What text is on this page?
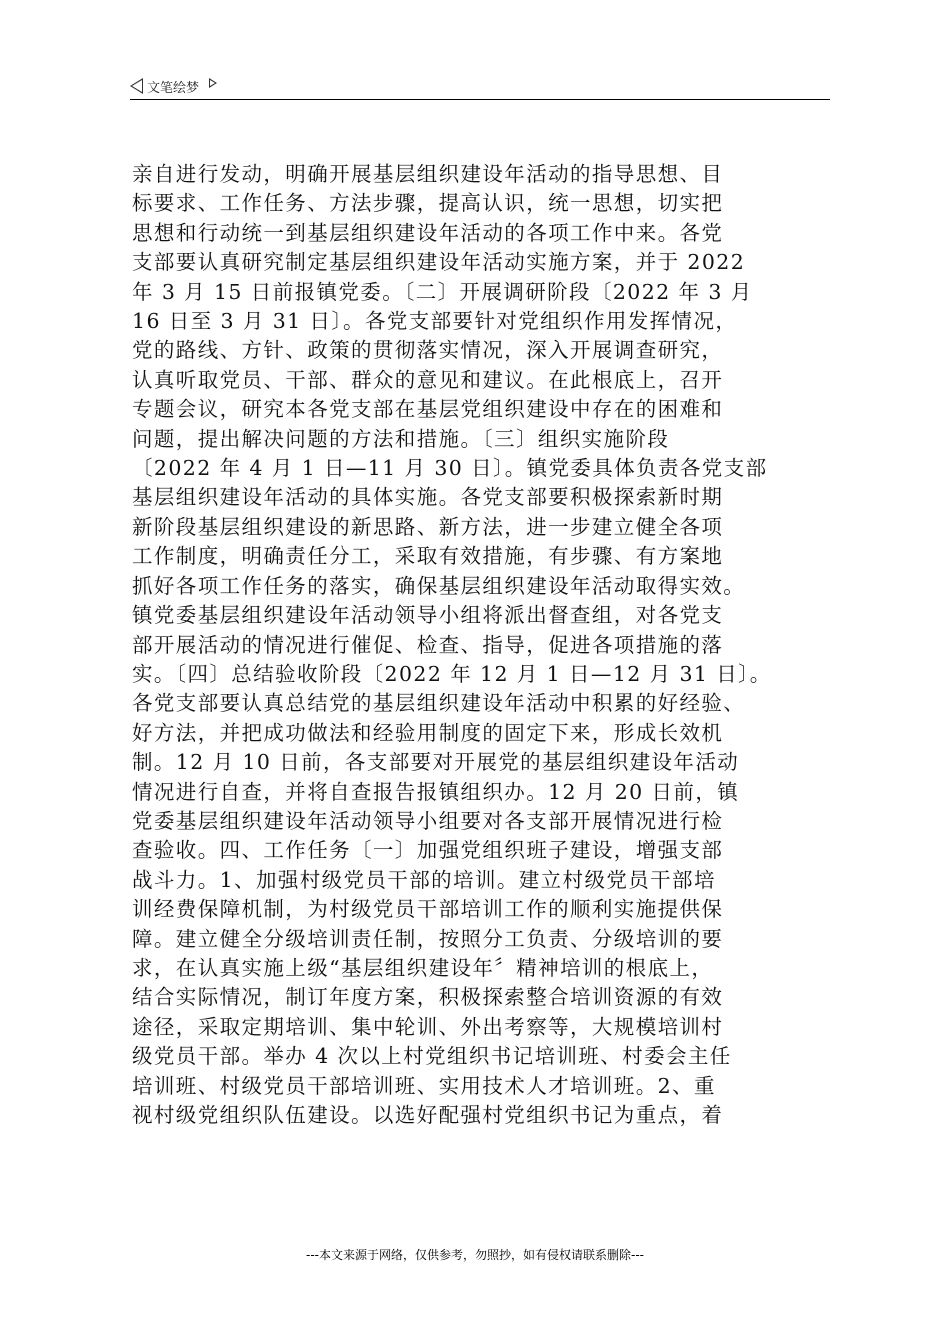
文笔绘梦
亲自进行发动，明确开展基层组织建设年活动的指导思想、目
标要求、工作任务、方法步骤，提高认识，统一思想，切实把
思想和行动统一到基层组织建设年活动的各项工作中来。各党
支部要认真研究制定基层组织建设年活动实施方案，并于 2022
年 3 月 15 日前报镇党委。〔二〕开展调研阶段〔2022 年 3 月
16 日至 3 月 31 日〕。各党支部要针对党组织作用发挥情况，
党的路线、方针、政策的贯彻落实情况，深入开展调查研究，
认真听取党员、干部、群众的意见和建议。在此根底上，召开
专题会议，研究本各党支部在基层党组织建设中存在的困难和
问题，提出解决问题的方法和措施。〔三〕组织实施阶段
〔2022 年 4 月 1 日—11 月 30 日〕。镇党委具体负责各党支部
基层组织建设年活动的具体实施。各党支部要积极探索新时期
新阶段基层组织建设的新思路、新方法，进一步建立健全各项
工作制度，明确责任分工，采取有效措施，有步骤、有方案地
抓好各项工作任务的落实，确保基层组织建设年活动取得实效。
镇党委基层组织建设年活动领导小组将派出督查组，对各党支
部开展活动的情况进行催促、检查、指导，促进各项措施的落
实。〔四〕总结验收阶段〔2022 年 12 月 1 日—12 月 31 日〕。
各党支部要认真总结党的基层组织建设年活动中积累的好经验、
好方法，并把成功做法和经验用制度的固定下来，形成长效机
制。12 月 10 日前，各支部要对开展党的基层组织建设年活动
情况进行自查，并将自查报告报镇组织办。12 月 20 日前，镇
党委基层组织建设年活动领导小组要对各支部开展情况进行检
查验收。四、工作任务〔一〕加强党组织班子建设，增强支部
战斗力。1、加强村级党员干部的培训。建立村级党员干部培
训经费保障机制，为村级党员干部培训工作的顺利实施提供保
障。建立健全分级培训责任制，按照分工负责、分级培训的要
求，在认真实施上级“基层组织建设年〞精神培训的根底上，
结合实际情况，制订年度方案，积极探索整合培训资源的有效
途径，采取定期培训、集中轮训、外出考察等，大规模培训村
级党员干部。举办 4 次以上村党组织书记培训班、村委会主任
培训班、村级党员干部培训班、实用技术人才培训班。2、重
视村级党组织队伍建设。以选好配强村党组织书记为重点，着
---本文来源于网络，仅供参考，勿照抄，如有侵权请联系删除---
